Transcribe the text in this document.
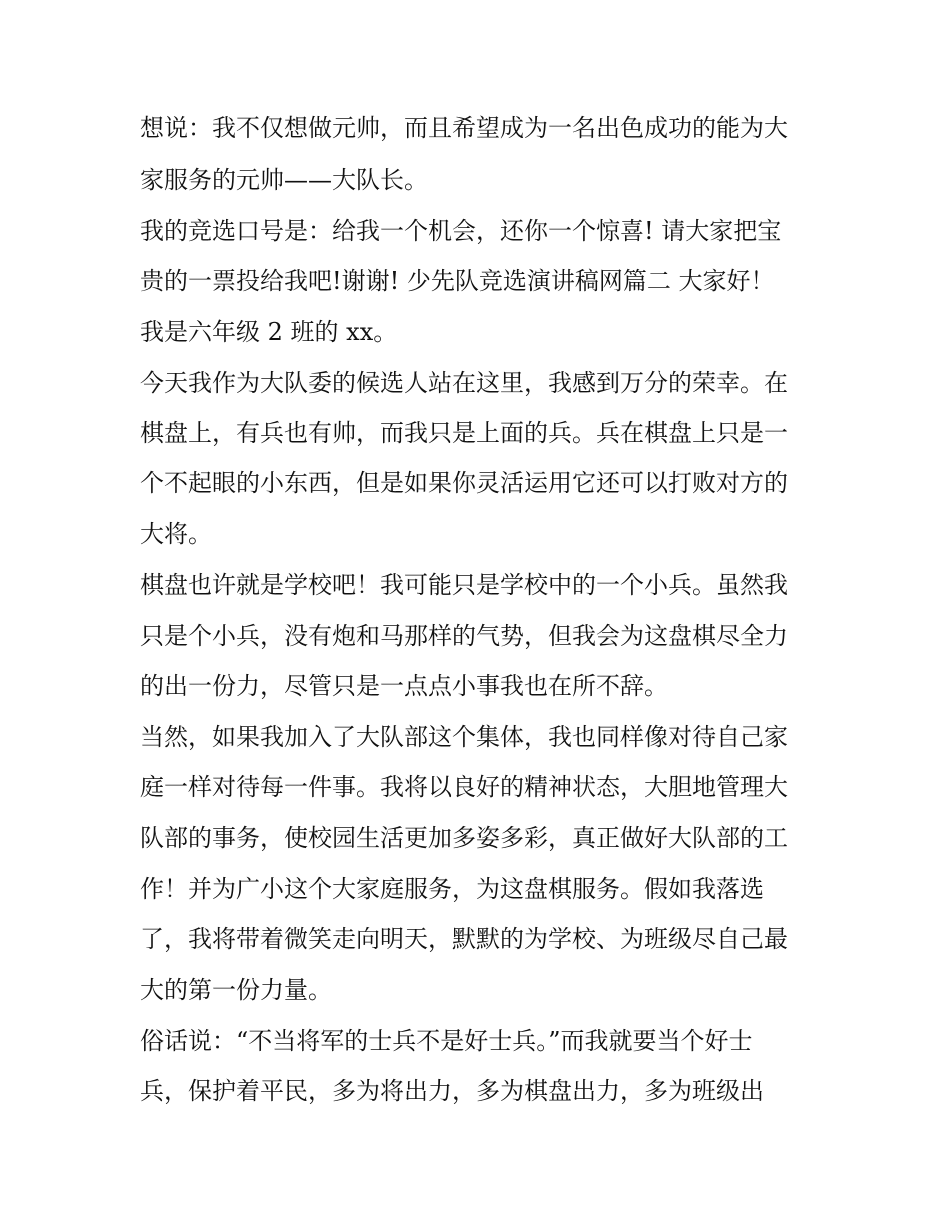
想说：我不仅想做元帅，而且希望成为一名出色成功的能为大
家服务的元帅——大队长。
我的竞选口号是：给我一个机会，还你一个惊喜! 请大家把宝
贵的一票投给我吧!谢谢! 少先队竞选演讲稿网篇二 大家好！
我是六年级 2 班的 xx。
今天我作为大队委的候选人站在这里，我感到万分的荣幸。在
棋盘上，有兵也有帅，而我只是上面的兵。兵在棋盘上只是一
个不起眼的小东西，但是如果你灵活运用它还可以打败对方的
大将。
棋盘也许就是学校吧！我可能只是学校中的一个小兵。虽然我
只是个小兵，没有炮和马那样的气势，但我会为这盘棋尽全力
的出一份力，尽管只是一点点小事我也在所不辞。
当然，如果我加入了大队部这个集体，我也同样像对待自己家
庭一样对待每一件事。我将以良好的精神状态，大胆地管理大
队部的事务，使校园生活更加多姿多彩，真正做好大队部的工
作！并为广小这个大家庭服务，为这盘棋服务。假如我落选
了，我将带着微笑走向明天，默默的为学校、为班级尽自己最
大的第一份力量。
俗话说：“不当将军的士兵不是好士兵。”而我就要当个好士
兵，保护着平民，多为将出力，多为棋盘出力，多为班级出
